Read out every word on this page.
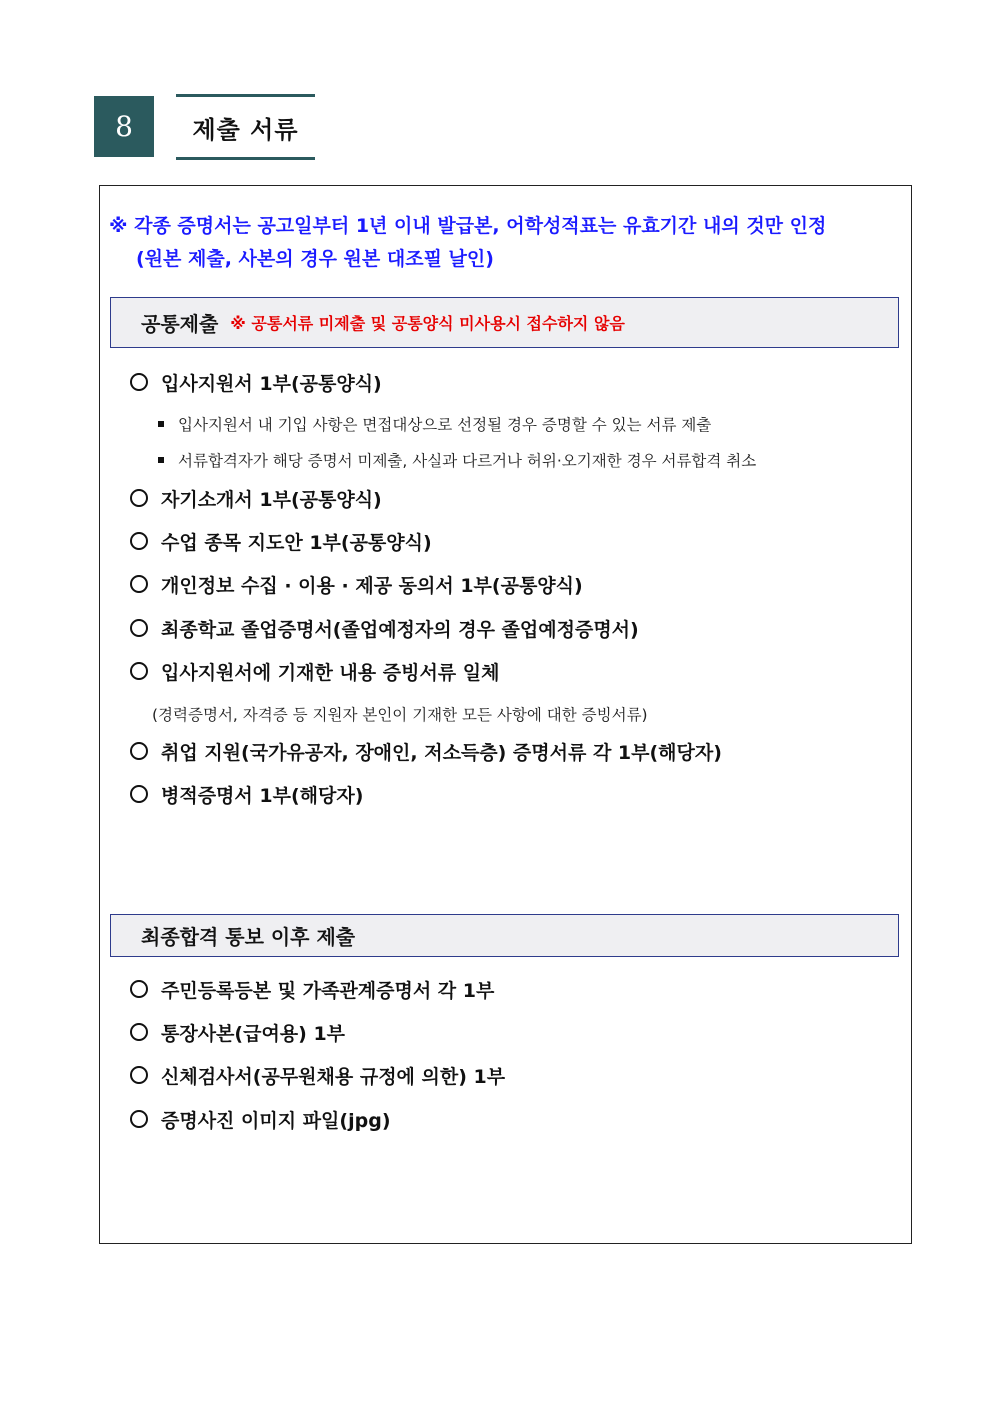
8	제출 서류
※ 각종 증명서는 공고일부터 1년 이내 발급본, 어학성적표는 유효기간 내의 것만 인정
(원본 제출, 사본의 경우 원본 대조필 날인)
공통제출 ※ 공통서류 미제출 및 공통양식 미사용시 접수하지 않음
입사지원서 1부(공통양식)
입사지원서 내 기입 사항은 면접대상으로 선정될 경우 증명할 수 있는 서류 제출
서류합격자가 해당 증명서 미제출, 사실과 다르거나 허위·오기재한 경우 서류합격 취소
자기소개서 1부(공통양식)
수업 종목 지도안 1부(공통양식)
개인정보 수집 · 이용 · 제공 동의서 1부(공통양식)
최종학교 졸업증명서(졸업예정자의 경우 졸업예정증명서)
입사지원서에 기재한 내용 증빙서류 일체
(경력증명서, 자격증 등 지원자 본인이 기재한 모든 사항에 대한 증빙서류)
취업 지원(국가유공자, 장애인, 저소득층) 증명서류 각 1부(해당자)
병적증명서 1부(해당자)
최종합격 통보 이후 제출
주민등록등본 및 가족관계증명서 각 1부
통장사본(급여용) 1부
신체검사서(공무원채용 규정에 의한) 1부
증명사진 이미지 파일(jpg)
